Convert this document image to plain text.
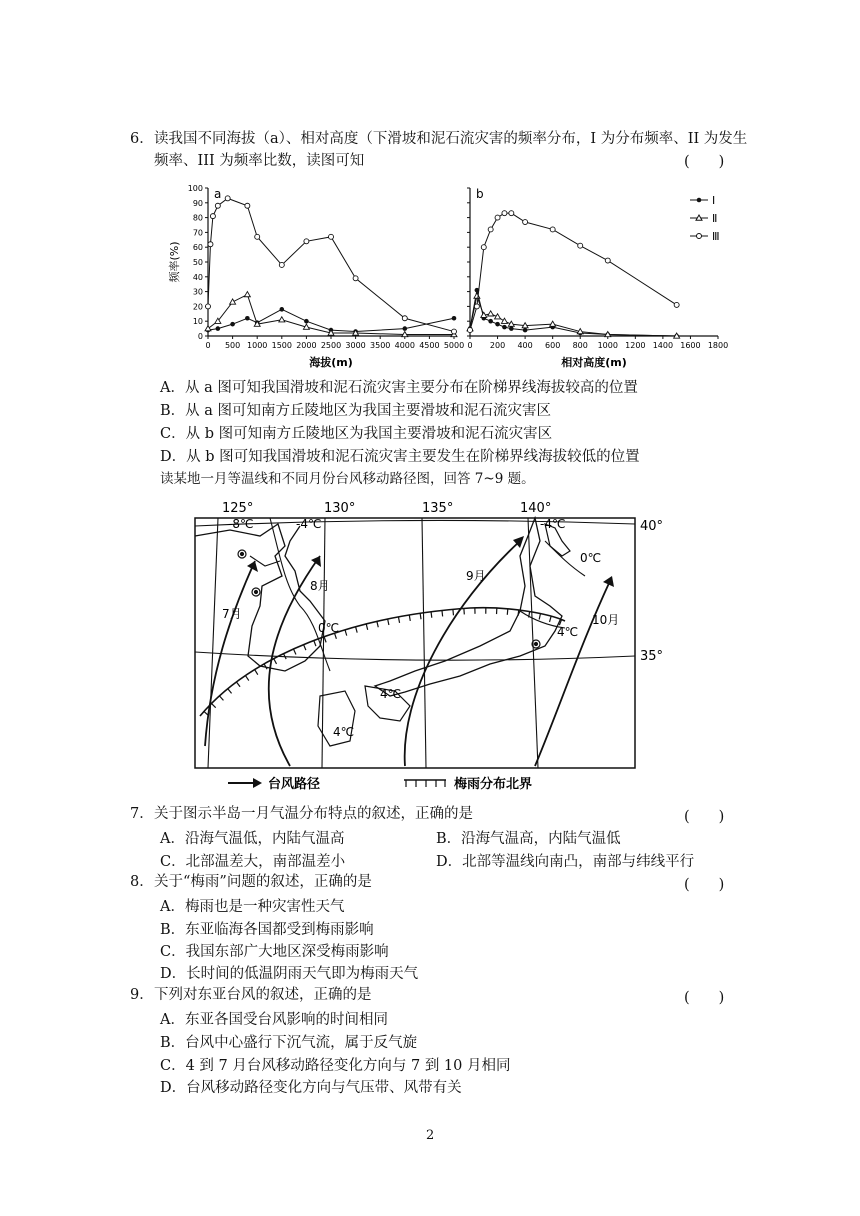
6． 读我国不同海拔（a）、相对高度（下滑坡和泥石流灾害的频率分布，I 为分布频率、II 为发生
频率、III 为频率比数，读图可知	(　　)
0 500 1000 1500 2000 2500 3000 3500 4000 4500 5000
0
10
20
30
40
50
60
70
80
90
100 a
海拔(m)
频率(%)
0 200 400 600 800 1000 1200 1400 1600 1800
b
相对高度(m)
Ⅰ
Ⅱ
Ⅲ
A．从 a 图可知我国滑坡和泥石流灾害主要分布在阶梯界线海拔较高的位置
B．从 a 图可知南方丘陵地区为我国主要滑坡和泥石流灾害区
C．从 b 图可知南方丘陵地区为我国主要滑坡和泥石流灾害区
D．从 b 图可知我国滑坡和泥石流灾害主要发生在阶梯界线海拔较低的位置
读某地一月等温线和不同月份台风移动路径图，回答 7~9 题。
125°	130°	135°	140°
40°
35°
-8℃	-4℃	-4℃
0℃
0℃	4℃
4℃
4℃
7月
8月
9月
10月
台风路径	梅雨分布北界
7． 关于图示半岛一月气温分布特点的叙述，正确的是	(　　)
A．沿海气温低，内陆气温高	B．沿海气温高，内陆气温低
C．北部温差大，南部温差小	D．北部等温线向南凸，南部与纬线平行
8． 关于“梅雨”问题的叙述，正确的是	(　　)
A．梅雨也是一种灾害性天气
B．东亚临海各国都受到梅雨影响
C．我国东部广大地区深受梅雨影响
D．长时间的低温阴雨天气即为梅雨天气
9． 下列对东亚台风的叙述，正确的是	(　　)
A．东亚各国受台风影响的时间相同
B．台风中心盛行下沉气流，属于反气旋
C．4 到 7 月台风移动路径变化方向与 7 到 10 月相同
D．台风移动路径变化方向与气压带、风带有关
2
